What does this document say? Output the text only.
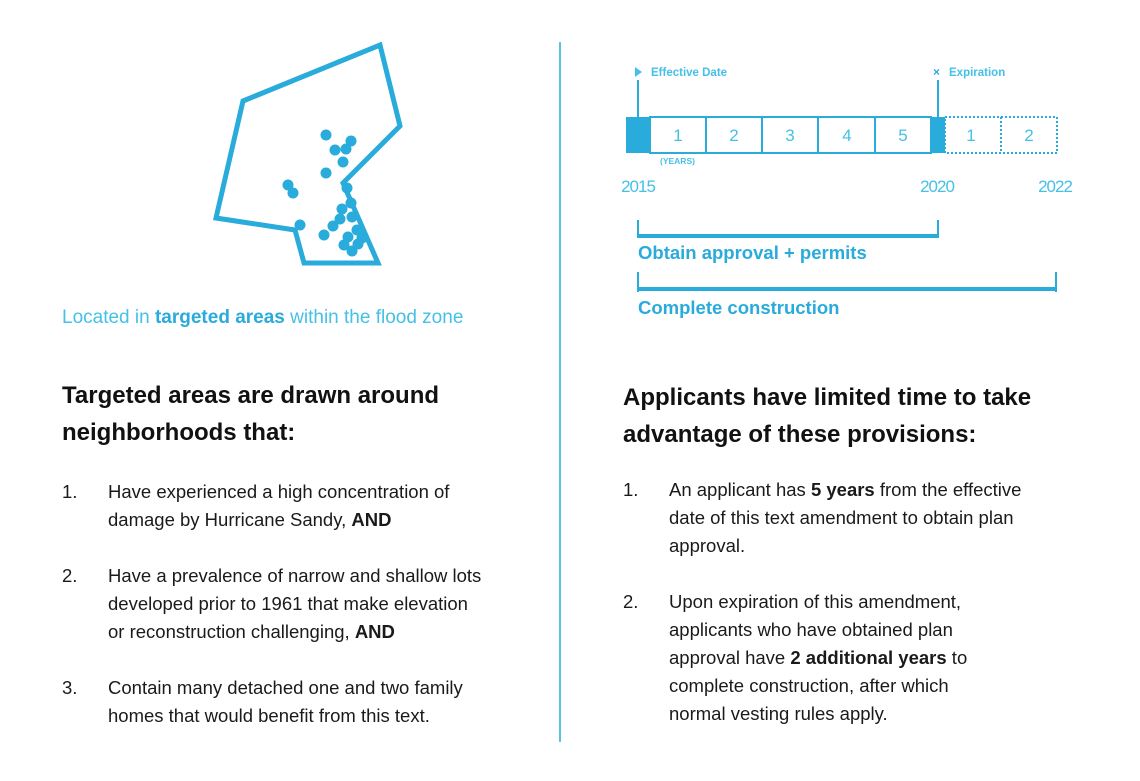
Located in targeted areas within the flood zone
Targeted areas are drawn around
neighborhoods that:
1. Have experienced a high concentration of
damage by Hurricane Sandy, AND
2. Have a prevalence of narrow and shallow lots
developed prior to 1961 that make elevation
or reconstruction challenging, AND
3. Contain many detached one and two family
homes that would benefit from this text.
Effective Date	× Expiration
1	2	3	4	5	1	2
(YEARS)
2015	2020	2022
Obtain approval + permits
Complete construction
Applicants have limited time to take
advantage of these provisions:
1. An applicant has 5 years from the effective
date of this text amendment to obtain plan
approval.
2. Upon expiration of this amendment,
applicants who have obtained plan
approval have 2 additional years to
complete construction, after which
normal vesting rules apply.
